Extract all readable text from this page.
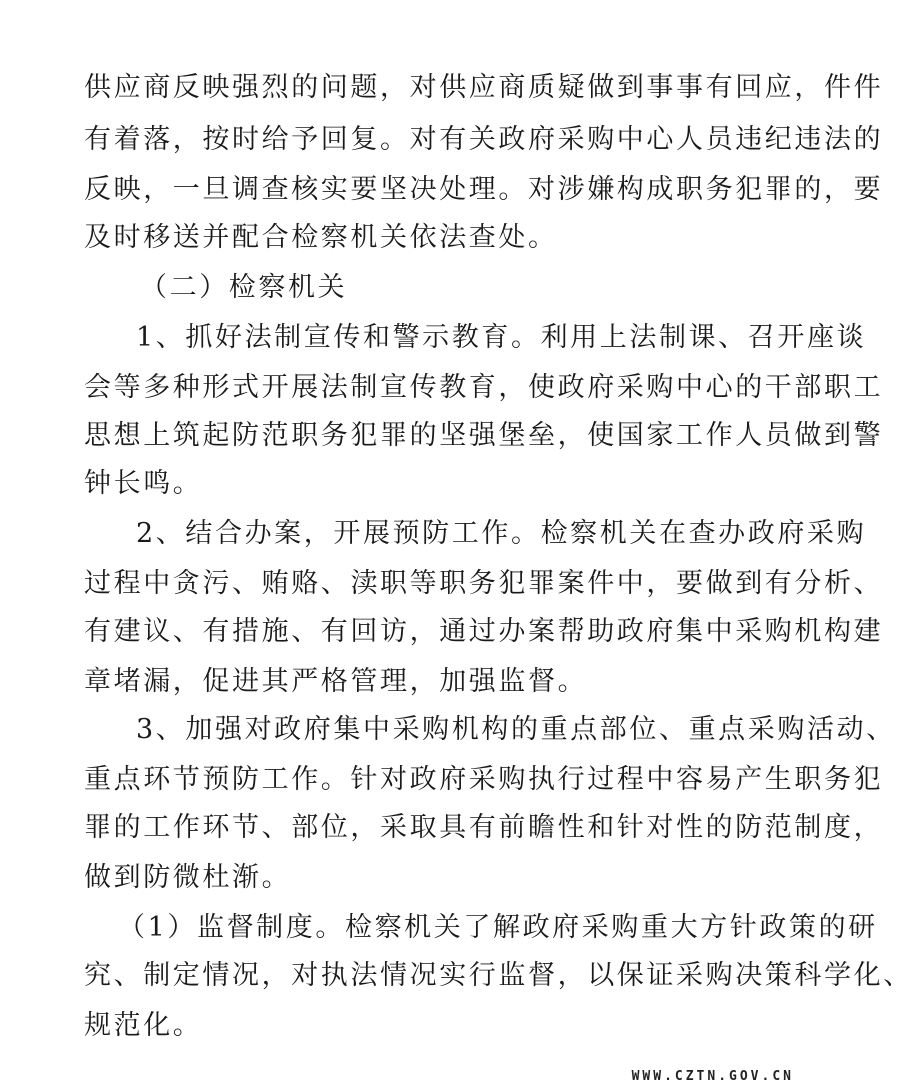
供应商反映强烈的问题，对供应商质疑做到事事有回应，件件
有着落，按时给予回复。对有关政府采购中心人员违纪违法的
反映，一旦调查核实要坚决处理。对涉嫌构成职务犯罪的，要
及时移送并配合检察机关依法查处。
（二）检察机关
1、抓好法制宣传和警示教育。利用上法制课、召开座谈
会等多种形式开展法制宣传教育，使政府采购中心的干部职工
思想上筑起防范职务犯罪的坚强堡垒，使国家工作人员做到警
钟长鸣。
2、结合办案，开展预防工作。检察机关在查办政府采购
过程中贪污、贿赂、渎职等职务犯罪案件中，要做到有分析、
有建议、有措施、有回访，通过办案帮助政府集中采购机构建
章堵漏，促进其严格管理，加强监督。
3、加强对政府集中采购机构的重点部位、重点采购活动、
重点环节预防工作。针对政府采购执行过程中容易产生职务犯
罪的工作环节、部位，采取具有前瞻性和针对性的防范制度，
做到防微杜渐。
（1）监督制度。检察机关了解政府采购重大方针政策的研
究、制定情况，对执法情况实行监督，以保证采购决策科学化、
规范化。
WWW.CZTN.GOV.CN
